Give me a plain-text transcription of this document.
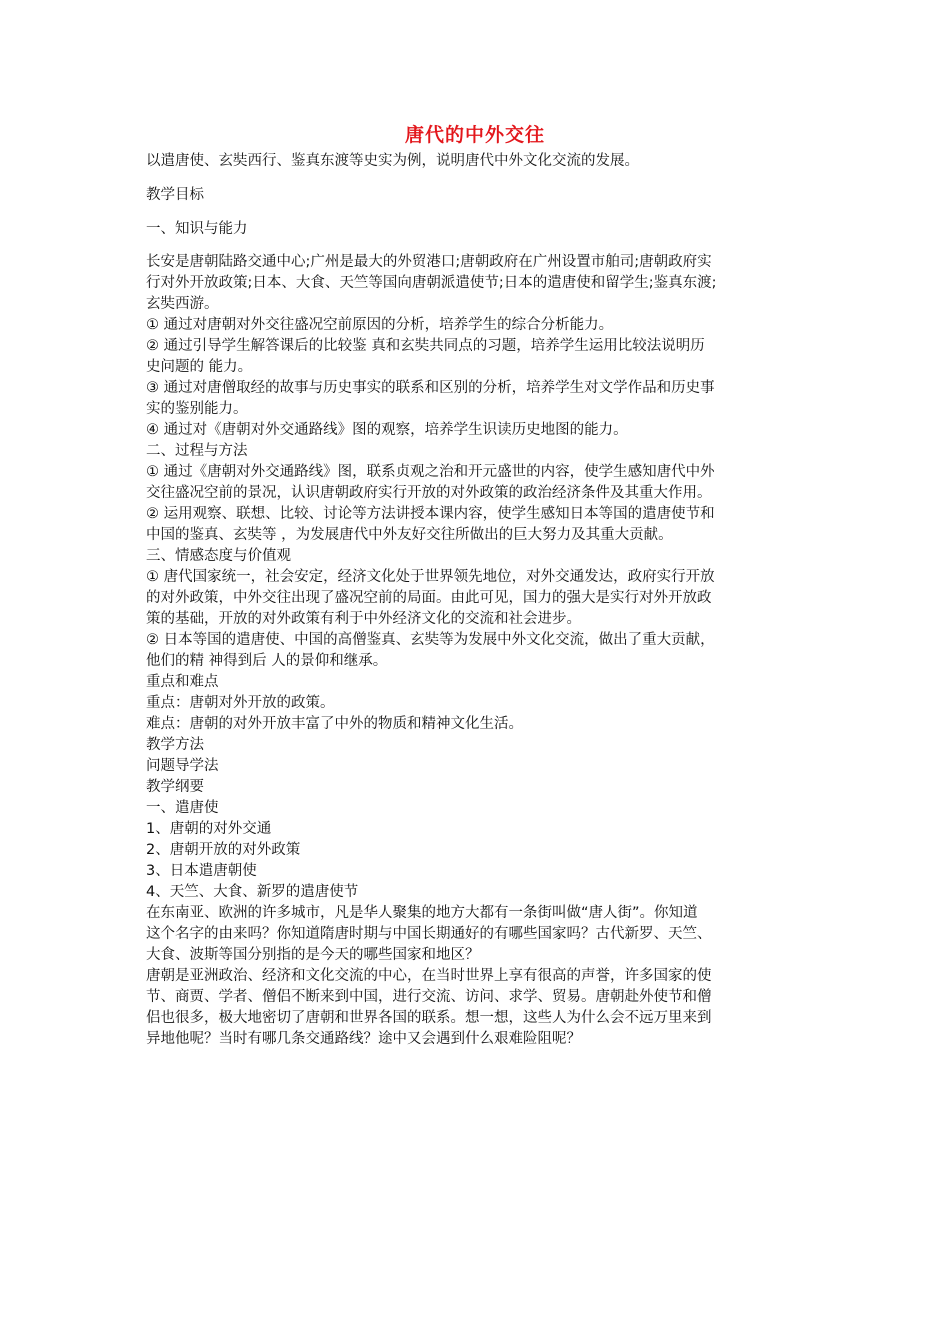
唐代的中外交往
以遣唐使、玄奘西行、鉴真东渡等史实为例，说明唐代中外文化交流的发展。
教学目标
一、知识与能力
长安是唐朝陆路交通中心;广州是最大的外贸港口;唐朝政府在广州设置市舶司;唐朝政府实
行对外开放政策;日本、大食、天竺等国向唐朝派遣使节;日本的遣唐使和留学生;鉴真东渡;
玄奘西游。
① 通过对唐朝对外交往盛况空前原因的分析，培养学生的综合分析能力。
② 通过引导学生解答课后的比较鉴 真和玄奘共同点的习题，培养学生运用比较法说明历
史问题的 能力。
③ 通过对唐僧取经的故事与历史事实的联系和区别的分析，培养学生对文学作品和历史事
实的鉴别能力。
④ 通过对《唐朝对外交通路线》图的观察，培养学生识读历史地图的能力。
二、过程与方法
① 通过《唐朝对外交通路线》图，联系贞观之治和开元盛世的内容，使学生感知唐代中外
交往盛况空前的景况，认识唐朝政府实行开放的对外政策的政治经济条件及其重大作用。
② 运用观察、联想、比较、讨论等方法讲授本课内容，使学生感知日本等国的遣唐使节和
中国的鉴真、玄奘等 ，为发展唐代中外友好交往所做出的巨大努力及其重大贡献。
三、情感态度与价值观
① 唐代国家统一，社会安定，经济文化处于世界领先地位，对外交通发达，政府实行开放
的对外政策，中外交往出现了盛况空前的局面。由此可见，国力的强大是实行对外开放政
策的基础，开放的对外政策有利于中外经济文化的交流和社会进步。
② 日本等国的遣唐使、中国的高僧鉴真、玄奘等为发展中外文化交流，做出了重大贡献，
他们的精 神得到后 人的景仰和继承。
重点和难点
重点：唐朝对外开放的政策。
难点：唐朝的对外开放丰富了中外的物质和精神文化生活。
教学方法
问题导学法
教学纲要
一、遣唐使
1、唐朝的对外交通
2、唐朝开放的对外政策
3、日本遣唐朝使
4、天竺、大食、新罗的遣唐使节
在东南亚、欧洲的许多城市，凡是华人聚集的地方大都有一条街叫做“唐人街”。你知道
这个名字的由来吗？你知道隋唐时期与中国长期通好的有哪些国家吗？古代新罗、天竺、
大食、波斯等国分别指的是今天的哪些国家和地区？
唐朝是亚洲政治、经济和文化交流的中心，在当时世界上享有很高的声誉，许多国家的使
节、商贾、学者、僧侣不断来到中国，进行交流、访问、求学、贸易。唐朝赴外使节和僧
侣也很多，极大地密切了唐朝和世界各国的联系。想一想，这些人为什么会不远万里来到
异地他呢？当时有哪几条交通路线？途中又会遇到什么艰难险阻呢？
